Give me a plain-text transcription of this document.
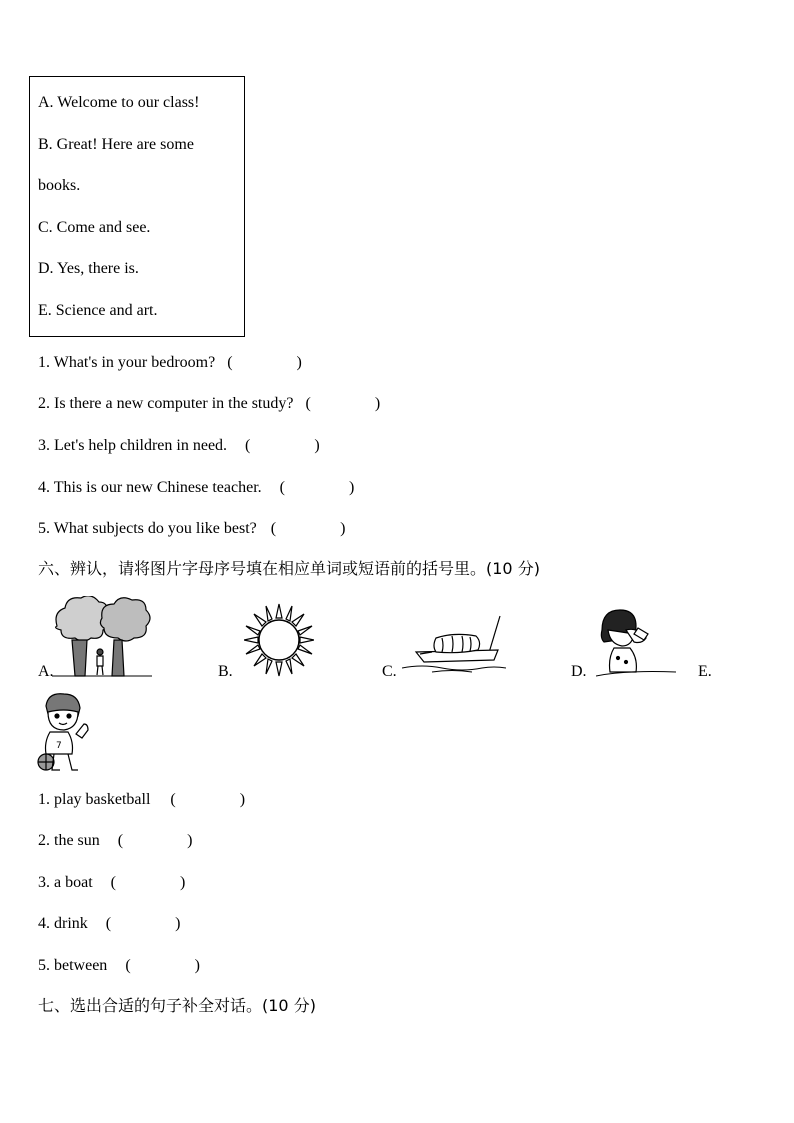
A. Welcome to our class!
B. Great! Here are some
books.
C. Come and see.
D. Yes, there is.
E. Science and art.
1. What's in your bedroom? (　　　　)
2. Is there a new computer in the study? (　　　　)
3. Let's help children in need. (　　　　)
4. This is our new Chinese teacher. (　　　　)
5. What subjects do you like best? (　　　　)
六、辨认，请将图片字母序号填在相应单词或短语前的括号里。(10 分)
A.	B.	C.	D.	E.
7
1. play basketball (　　　　)
2. the sun (　　　　)
3. a boat (　　　　)
4. drink (　　　　)
5. between (　　　　)
七、选出合适的句子补全对话。(10 分)
